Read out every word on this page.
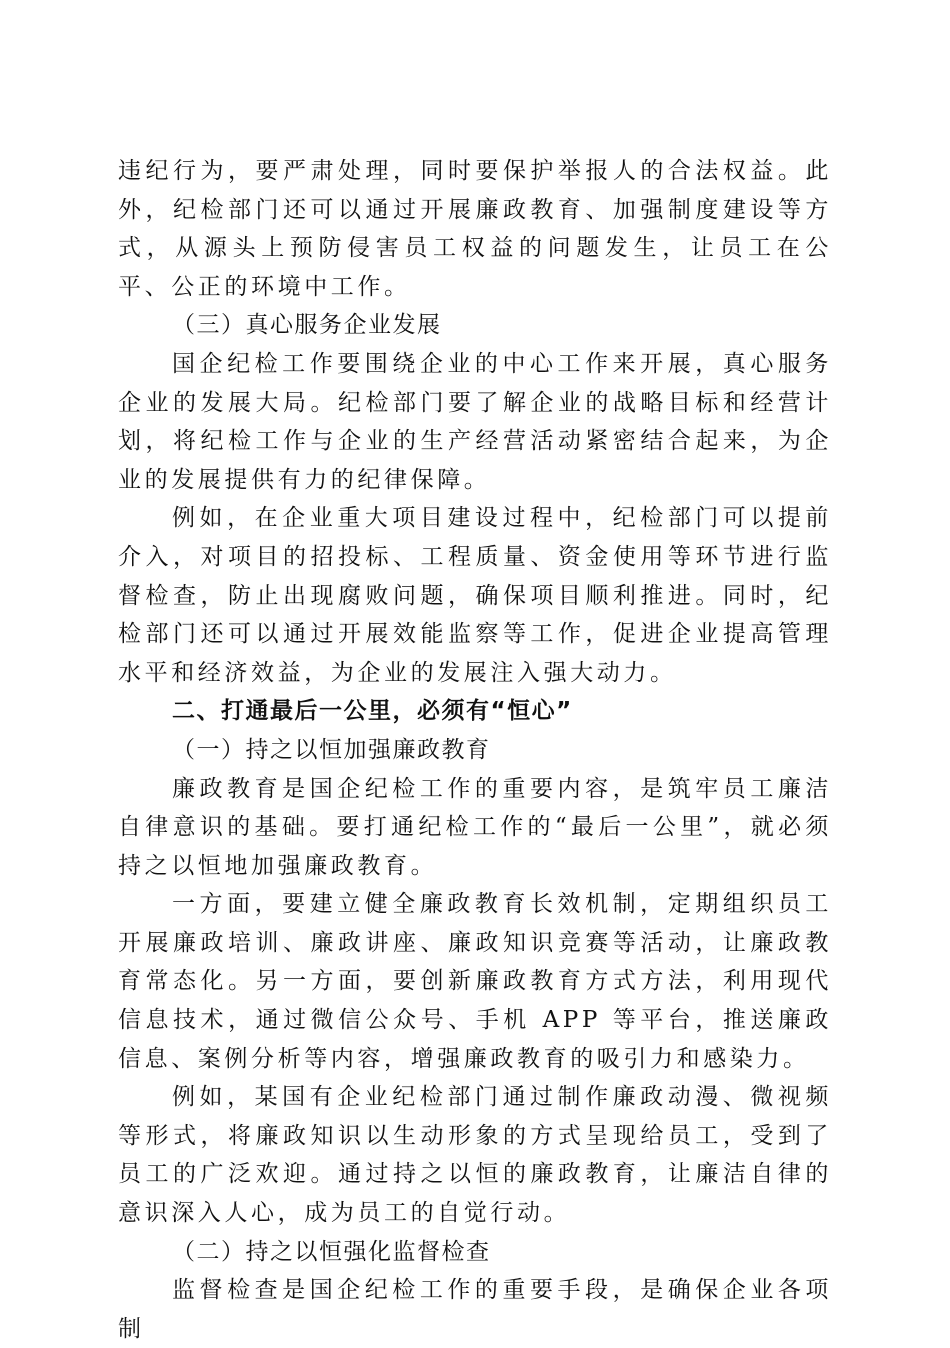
违纪行为，要严肃处理，同时要保护举报人的合法权益。此外，纪检部门还可以通过开展廉政教育、加强制度建设等方式，从源头上预防侵害员工权益的问题发生，让员工在公平、公正的环境中工作。

（三）真心服务企业发展

国企纪检工作要围绕企业的中心工作来开展，真心服务企业的发展大局。纪检部门要了解企业的战略目标和经营计划，将纪检工作与企业的生产经营活动紧密结合起来，为企业的发展提供有力的纪律保障。

例如，在企业重大项目建设过程中，纪检部门可以提前介入，对项目的招投标、工程质量、资金使用等环节进行监督检查，防止出现腐败问题，确保项目顺利推进。同时，纪检部门还可以通过开展效能监察等工作，促进企业提高管理水平和经济效益，为企业的发展注入强大动力。

二、打通最后一公里，必须有“恒心”

（一）持之以恒加强廉政教育

廉政教育是国企纪检工作的重要内容，是筑牢员工廉洁自律意识的基础。要打通纪检工作的“最后一公里”，就必须持之以恒地加强廉政教育。

一方面，要建立健全廉政教育长效机制，定期组织员工开展廉政培训、廉政讲座、廉政知识竞赛等活动，让廉政教育常态化。另一方面，要创新廉政教育方式方法，利用现代信息技术，通过微信公众号、手机 APP 等平台，推送廉政信息、案例分析等内容，增强廉政教育的吸引力和感染力。

例如，某国有企业纪检部门通过制作廉政动漫、微视频等形式，将廉政知识以生动形象的方式呈现给员工，受到了员工的广泛欢迎。通过持之以恒的廉政教育，让廉洁自律的意识深入人心，成为员工的自觉行动。

（二）持之以恒强化监督检查

监督检查是国企纪检工作的重要手段，是确保企业各项制
